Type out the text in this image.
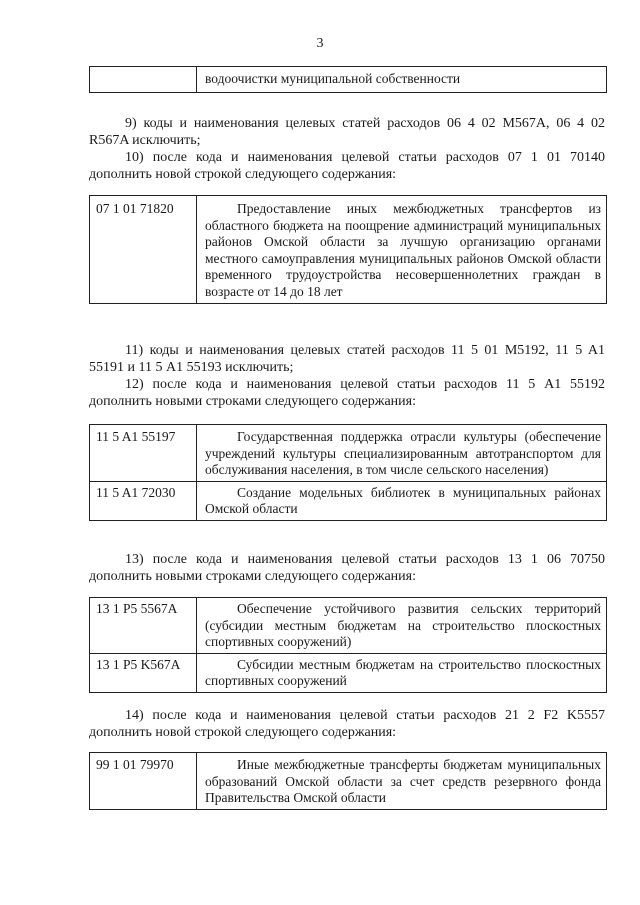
3

водоочистки муниципальной собственности

9) коды и наименования целевых статей расходов 06 4 02 M567A, 06 4 02 R567A исключить;

10) после кода и наименования целевой статьи расходов 07 1 01 70140 дополнить новой строкой следующего содержания:

07 1 01 71820	Предоставление иных межбюджетных трансфертов из областного бюджета на поощрение администраций муниципальных районов Омской области за лучшую организацию органами местного самоуправления муниципальных районов Омской области временного трудоустройства несовершеннолетних граждан в возрасте от 14 до 18 лет

11) коды и наименования целевых статей расходов 11 5 01 M5192, 11 5 A1 55191 и 11 5 A1 55193 исключить;

12) после кода и наименования целевой статьи расходов 11 5 A1 55192 дополнить новыми строками следующего содержания:

11 5 A1 55197	Государственная поддержка отрасли культуры (обеспечение учреждений культуры специализированным автотранспортом для обслуживания населения, в том числе сельского населения)

11 5 A1 72030	Создание модельных библиотек в муниципальных районах Омской области

13) после кода и наименования целевой статьи расходов 13 1 06 70750 дополнить новыми строками следующего содержания:

13 1 P5 5567A	Обеспечение устойчивого развития сельских территорий (субсидии местным бюджетам на строительство плоскостных спортивных сооружений)

13 1 P5 K567A	Субсидии местным бюджетам на строительство плоскостных спортивных сооружений

14) после кода и наименования целевой статьи расходов 21 2 F2 K5557 дополнить новой строкой следующего содержания:

99 1 01 79970	Иные межбюджетные трансферты бюджетам муниципальных образований Омской области за счет средств резервного фонда Правительства Омской области
